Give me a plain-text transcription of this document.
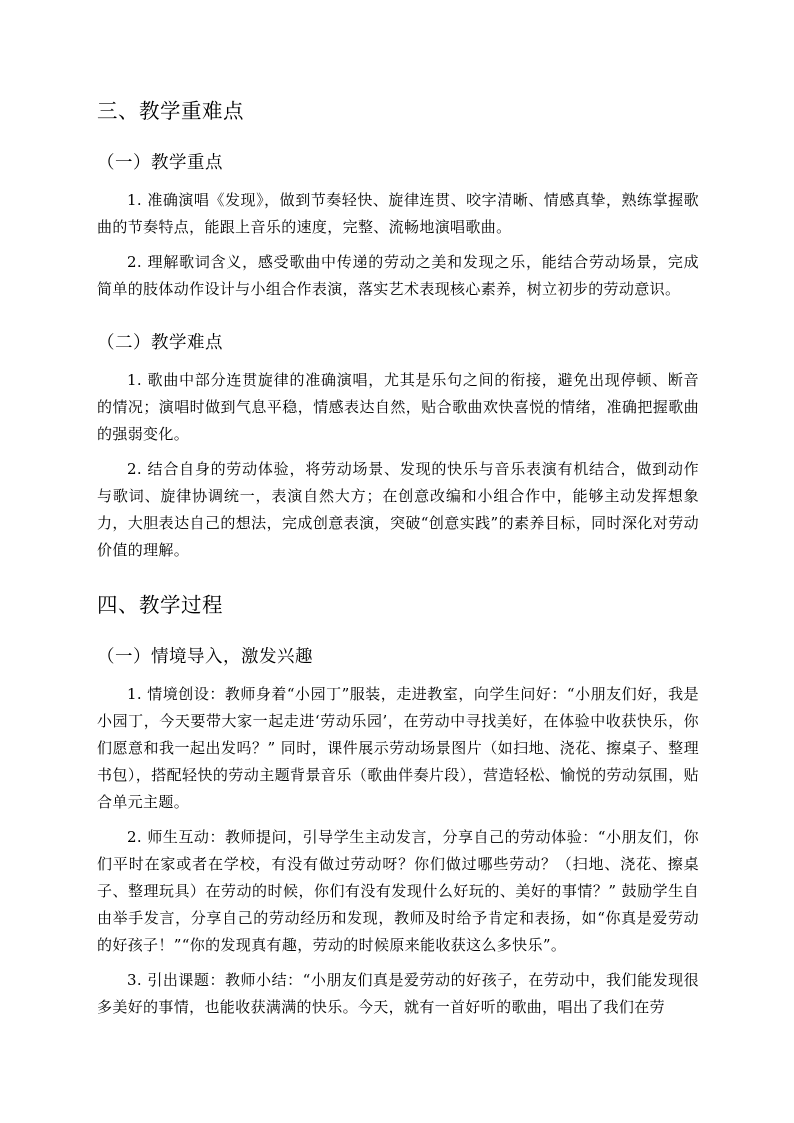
三、教学重难点
（一）教学重点

1. 准确演唱《发现》，做到节奏轻快、旋律连贯、咬字清晰、情感真挚，熟练掌握歌曲的节奏特点，能跟上音乐的速度，完整、流畅地演唱歌曲。

2. 理解歌词含义，感受歌曲中传递的劳动之美和发现之乐，能结合劳动场景，完成简单的肢体动作设计与小组合作表演，落实艺术表现核心素养，树立初步的劳动意识。

（二）教学难点

1. 歌曲中部分连贯旋律的准确演唱，尤其是乐句之间的衔接，避免出现停顿、断音的情况；演唱时做到气息平稳，情感表达自然，贴合歌曲欢快喜悦的情绪，准确把握歌曲的强弱变化。

2. 结合自身的劳动体验，将劳动场景、发现的快乐与音乐表演有机结合，做到动作与歌词、旋律协调统一，表演自然大方；在创意改编和小组合作中，能够主动发挥想象力，大胆表达自己的想法，完成创意表演，突破“创意实践”的素养目标，同时深化对劳动价值的理解。

四、教学过程
（一）情境导入，激发兴趣

1. 情境创设：教师身着“小园丁”服装，走进教室，向学生问好：“小朋友们好，我是小园丁，今天要带大家一起走进‘劳动乐园’，在劳动中寻找美好，在体验中收获快乐，你们愿意和我一起出发吗？” 同时，课件展示劳动场景图片（如扫地、浇花、擦桌子、整理书包），搭配轻快的劳动主题背景音乐（歌曲伴奏片段），营造轻松、愉悦的劳动氛围，贴合单元主题。

2. 师生互动：教师提问，引导学生主动发言，分享自己的劳动体验：“小朋友们，你们平时在家或者在学校，有没有做过劳动呀？你们做过哪些劳动？（扫地、浇花、擦桌子、整理玩具）在劳动的时候，你们有没有发现什么好玩的、美好的事情？” 鼓励学生自由举手发言，分享自己的劳动经历和发现，教师及时给予肯定和表扬，如“你真是爱劳动的好孩子！”“你的发现真有趣，劳动的时候原来能收获这么多快乐”。

3. 引出课题：教师小结：“小朋友们真是爱劳动的好孩子，在劳动中，我们能发现很多美好的事情，也能收获满满的快乐。今天，就有一首好听的歌曲，唱出了我们在劳
